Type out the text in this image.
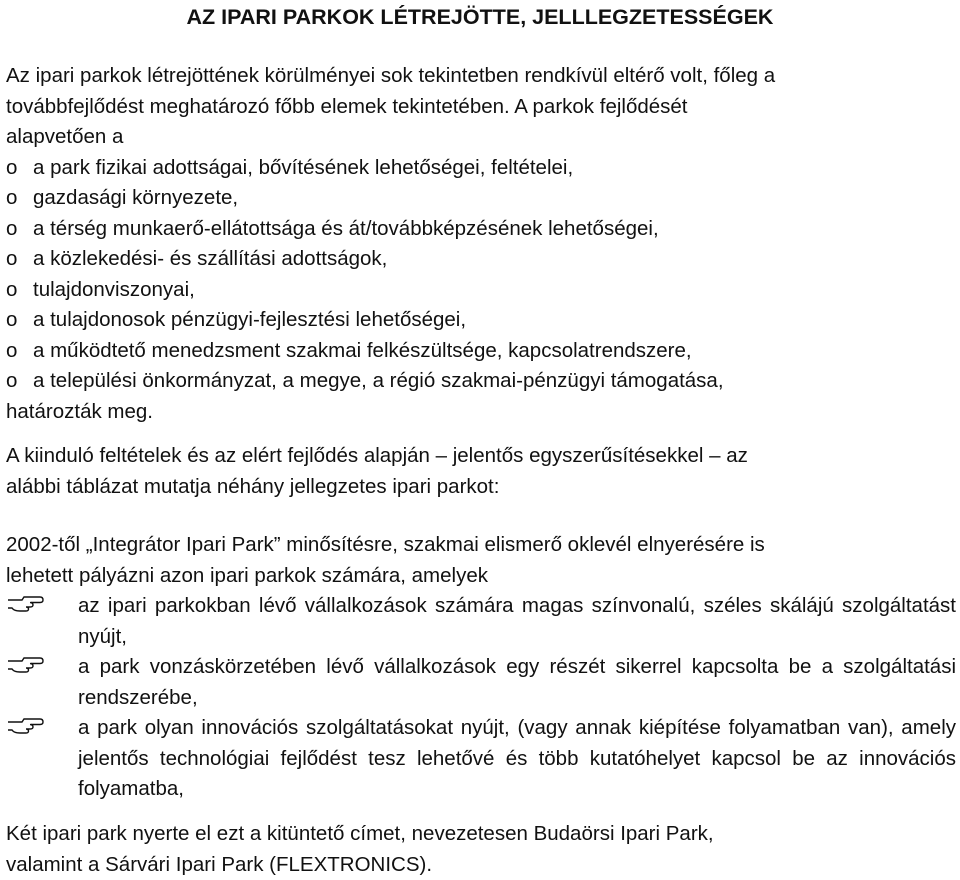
AZ IPARI PARKOK LÉTREJÖTTE, JELLLEGZETESSÉGEK

Az ipari parkok létrejöttének körülményei sok tekintetben rendkívül eltérő volt, főleg a

továbbfejlődést meghatározó főbb elemek tekintetében. A parkok fejlődését

alapvetően a

o a park fizikai adottságai, bővítésének lehetőségei, feltételei,
o gazdasági környezete,
o a térség munkaerő-ellátottsága és át/továbbképzésének lehetőségei,
o a közlekedési- és szállítási adottságok,
o tulajdonviszonyai,
o a tulajdonosok pénzügyi-fejlesztési lehetőségei,
o a működtető menedzsment szakmai felkészültsége, kapcsolatrendszere,
o a települési önkormányzat, a megye, a régió szakmai-pénzügyi támogatása,

határozták meg.

A kiinduló feltételek és az elért fejlődés alapján – jelentős egyszerűsítésekkel – az

alábbi táblázat mutatja néhány jellegzetes ipari parkot:

2002-től „Integrátor Ipari Park” minősítésre, szakmai elismerő oklevél elnyerésére is

lehetett pályázni azon ipari parkok számára, amelyek

az ipari parkokban lévő vállalkozások számára magas színvonalú, széles skálájú szolgáltatást nyújt,
a park vonzáskörzetében lévő vállalkozások egy részét sikerrel kapcsolta be a szolgáltatási rendszerébe,
a park olyan innovációs szolgáltatásokat nyújt, (vagy annak kiépítése folyamatban van), amely jelentős technológiai fejlődést tesz lehetővé és több kutatóhelyet kapcsol be az innovációs folyamatba,

Két ipari park nyerte el ezt a kitüntető címet, nevezetesen Budaörsi Ipari Park,

valamint a Sárvári Ipari Park (FLEXTRONICS).
